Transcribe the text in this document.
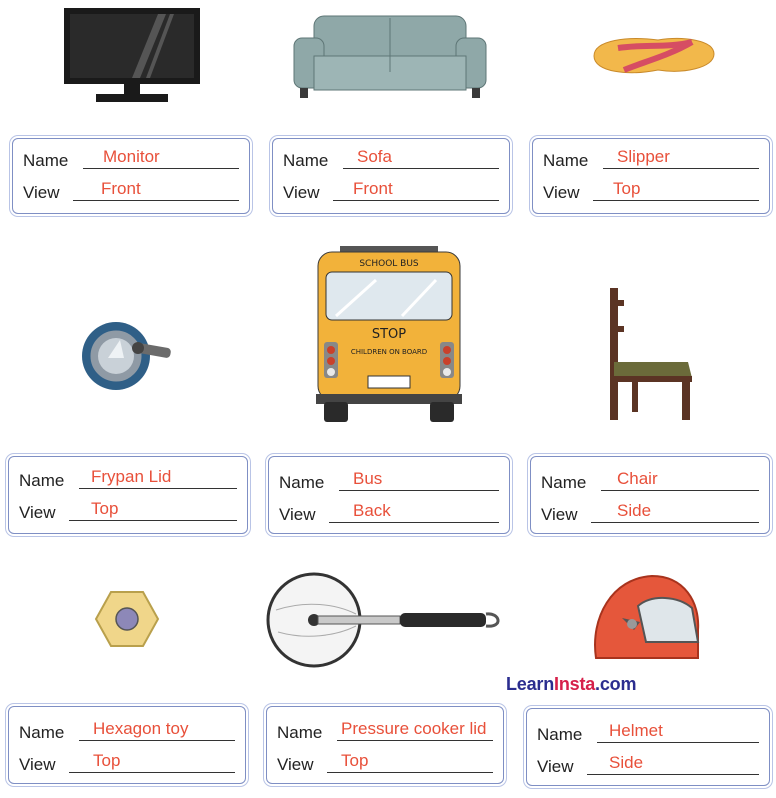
Name Monitor
View Front
Name Sofa
View Front
Name Slipper
View Top
SCHOOL BUS
STOP
CHILDREN ON BOARD
Name Frypan Lid
View Top
Name Bus
View Back
Name Chair
View Side
LearnInsta.com
Name Hexagon toy
View Top
Name Pressure cooker lid
View Top
Name Helmet
View Side
